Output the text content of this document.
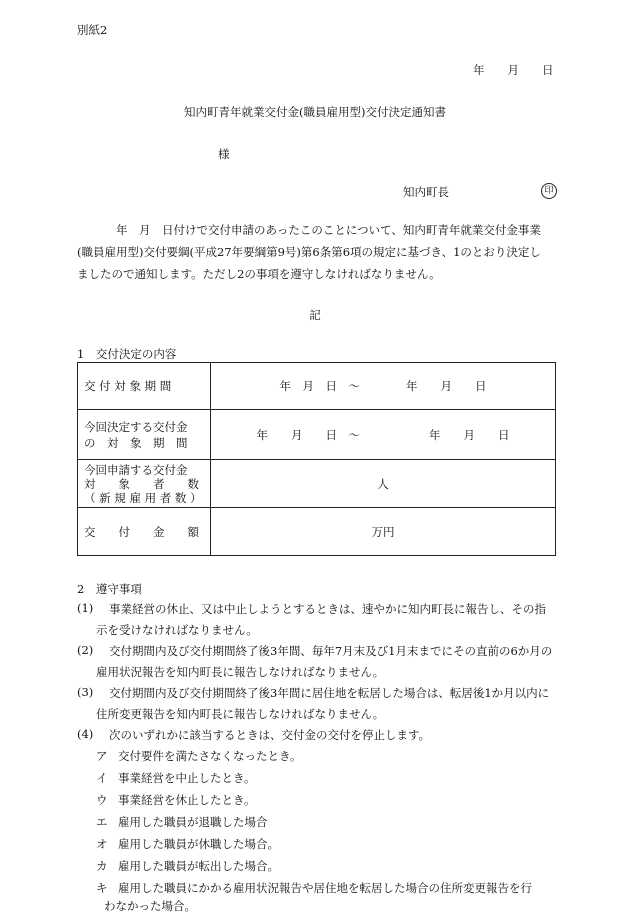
別紙2
年　　月　　日
知内町青年就業交付金(職員雇用型)交付決定通知書
様
知内町長	印
年　月　日付けで交付申請のあったこのことについて、知内町青年就業交付金事業
(職員雇用型)交付要綱(平成27年要綱第9号)第6条第6項の規定に基づき、1のとおり決定し
ましたので通知します。ただし2の事項を遵守しなければなりません。
記
1　交付決定の内容
交 付 対 象 期 間	年　月　日　～　　　　年　　月　　日

今回決定する交付金
の　対　象　期　間	年　　月　　日　～　　　　　　年　　月　　日

今回申請する交付金
対　　象　　者　　数
（ 新 規 雇 用 者 数 ）	人
交　　付　　金　　額	万円
2　遵守事項
(1) 事業経営の休止、又は中止しようとするときは、速やかに知内町長に報告し、その指
示を受けなければなりません。
(2) 交付期間内及び交付期間終了後3年間、毎年7月末及び1月末までにその直前の6か月の
雇用状況報告を知内町長に報告しなければなりません。
(3) 交付期間内及び交付期間終了後3年間に居住地を転居した場合は、転居後1か月以内に
住所変更報告を知内町長に報告しなければなりません。
(4) 次のいずれかに該当するときは、交付金の交付を停止します。
ア 交付要件を満たさなくなったとき。
イ 事業経営を中止したとき。
ウ 事業経営を休止したとき。
エ 雇用した職員が退職した場合
オ 雇用した職員が休職した場合。
カ 雇用した職員が転出した場合。
キ 雇用した職員にかかる雇用状況報告や居住地を転居した場合の住所変更報告を行
わなかった場合。
